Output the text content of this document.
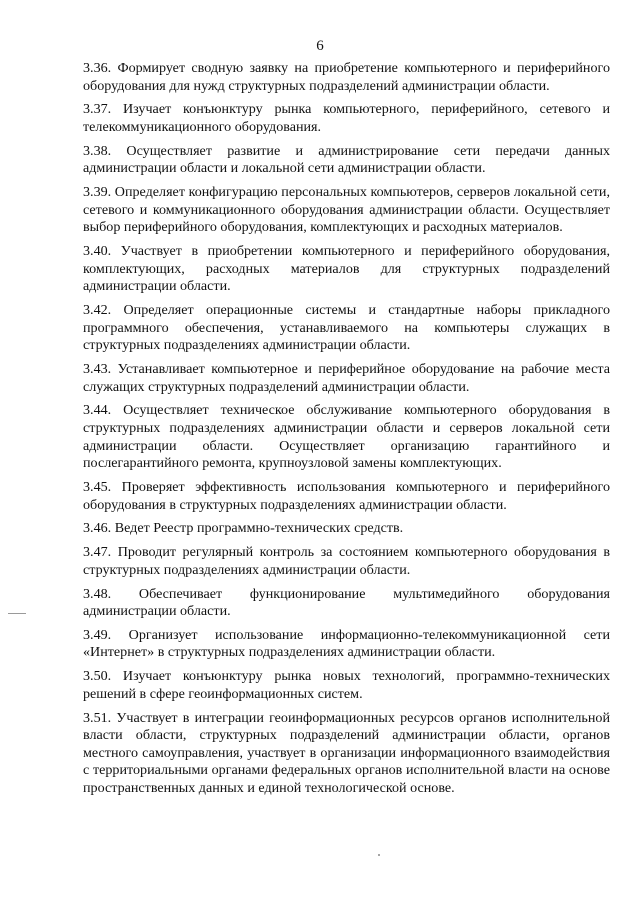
6

3.36. Формирует сводную заявку на приобретение компьютерного и периферийного оборудования для нужд структурных подразделений администрации области.

3.37. Изучает конъюнктуру рынка компьютерного, периферийного, сетевого и телекоммуникационного оборудования.

3.38. Осуществляет развитие и администрирование сети передачи данных администрации области и локальной сети администрации области.

3.39. Определяет конфигурацию персональных компьютеров, серверов локальной сети, сетевого и коммуникационного оборудования администрации области. Осуществляет выбор периферийного оборудования, комплектующих и расходных материалов.

3.40. Участвует в приобретении компьютерного и периферийного оборудования, комплектующих, расходных материалов для структурных подразделений администрации области.

3.42. Определяет операционные системы и стандартные наборы прикладного программного обеспечения, устанавливаемого на компьютеры служащих в структурных подразделениях администрации области.

3.43. Устанавливает компьютерное и периферийное оборудование на рабочие места служащих структурных подразделений администрации области.

3.44. Осуществляет техническое обслуживание компьютерного оборудования в структурных подразделениях администрации области и серверов локальной сети администрации области. Осуществляет организацию гарантийного и послегарантийного ремонта, крупноузловой замены комплектующих.

3.45. Проверяет эффективность использования компьютерного и периферийного оборудования в структурных подразделениях администрации области.

3.46. Ведет Реестр программно-технических средств.

3.47. Проводит регулярный контроль за состоянием компьютерного оборудования в структурных подразделениях администрации области.

3.48. Обеспечивает функционирование мультимедийного оборудования администрации области.

3.49. Организует использование информационно-телекоммуникационной сети «Интернет» в структурных подразделениях администрации области.

3.50. Изучает конъюнктуру рынка новых технологий, программно-технических решений в сфере геоинформационных систем.

3.51. Участвует в интеграции геоинформационных ресурсов органов исполнительной власти области, структурных подразделений администрации области, органов местного самоуправления, участвует в организации информационного взаимодействия с территориальными органами федеральных органов исполнительной власти на основе пространственных данных и единой технологической основе.
